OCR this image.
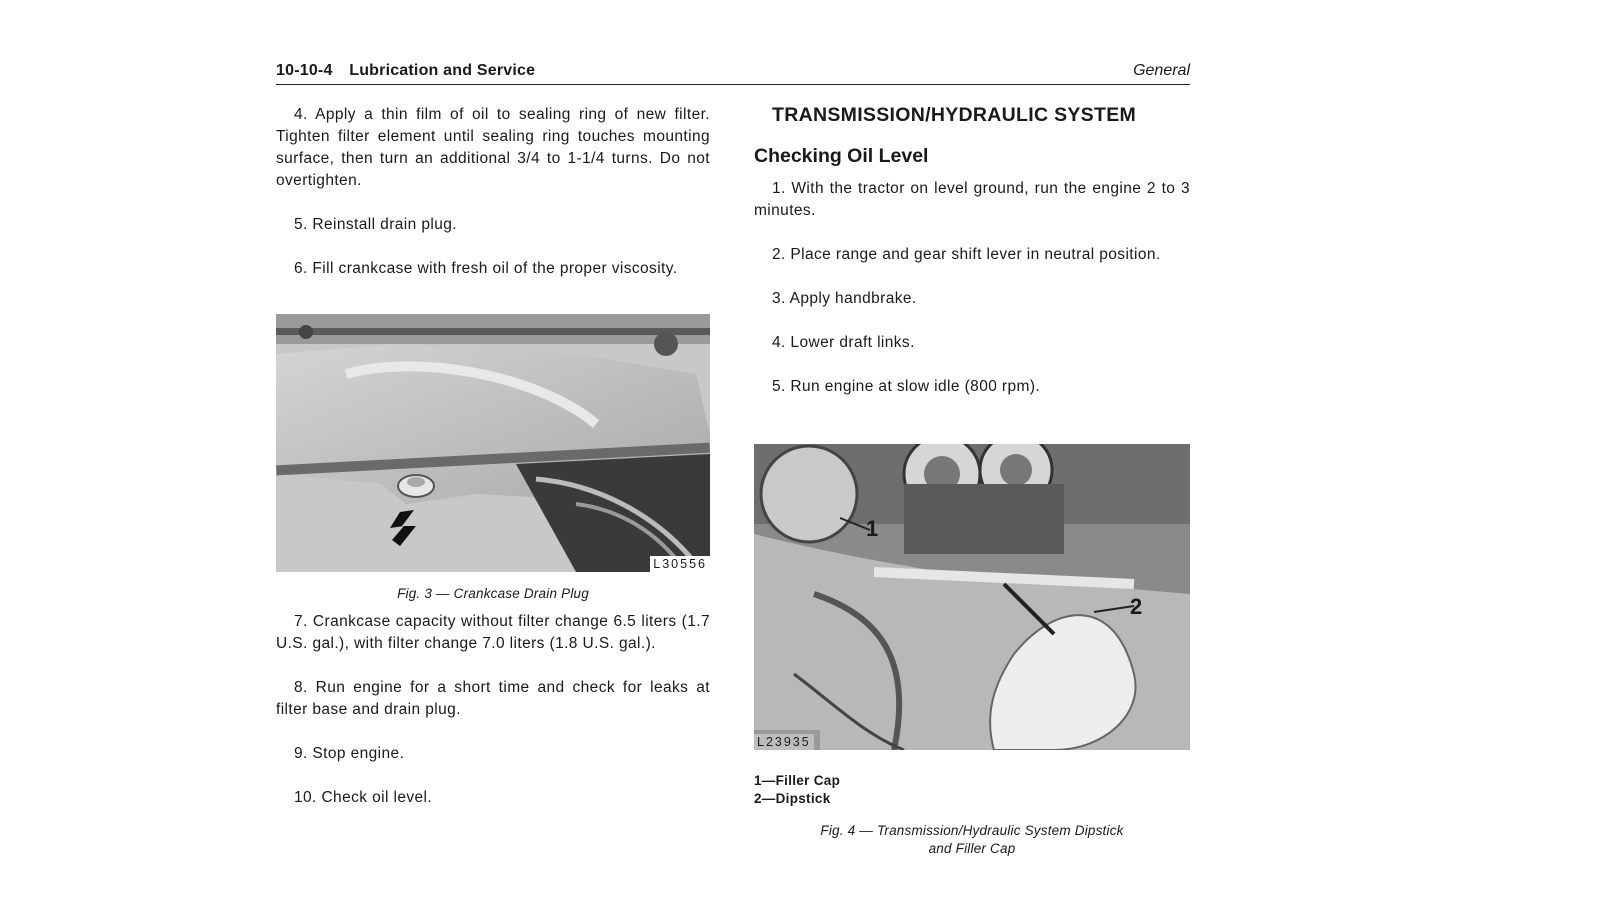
10-10-4 Lubrication and Service	General

4. Apply a thin film of oil to sealing ring of new filter. Tighten filter element until sealing ring touches mounting surface, then turn an additional 3/4 to 1-1/4 turns. Do not overtighten.

5. Reinstall drain plug.

6. Fill crankcase with fresh oil of the proper viscosity.

L30556
Fig. 3 — Crankcase Drain Plug

7. Crankcase capacity without filter change 6.5 liters (1.7 U.S. gal.), with filter change 7.0 liters (1.8 U.S. gal.).

8. Run engine for a short time and check for leaks at filter base and drain plug.

9. Stop engine.

10. Check oil level.

TRANSMISSION/HYDRAULIC SYSTEM
Checking Oil Level

1. With the tractor on level ground, run the engine 2 to 3 minutes.

2. Place range and gear shift lever in neutral position.

3. Apply handbrake.

4. Lower draft links.

5. Run engine at slow idle (800 rpm).

1
2
L23935
1—Filler Cap
2—Dipstick
Fig. 4 — Transmission/Hydraulic System Dipstick
and Filler Cap
